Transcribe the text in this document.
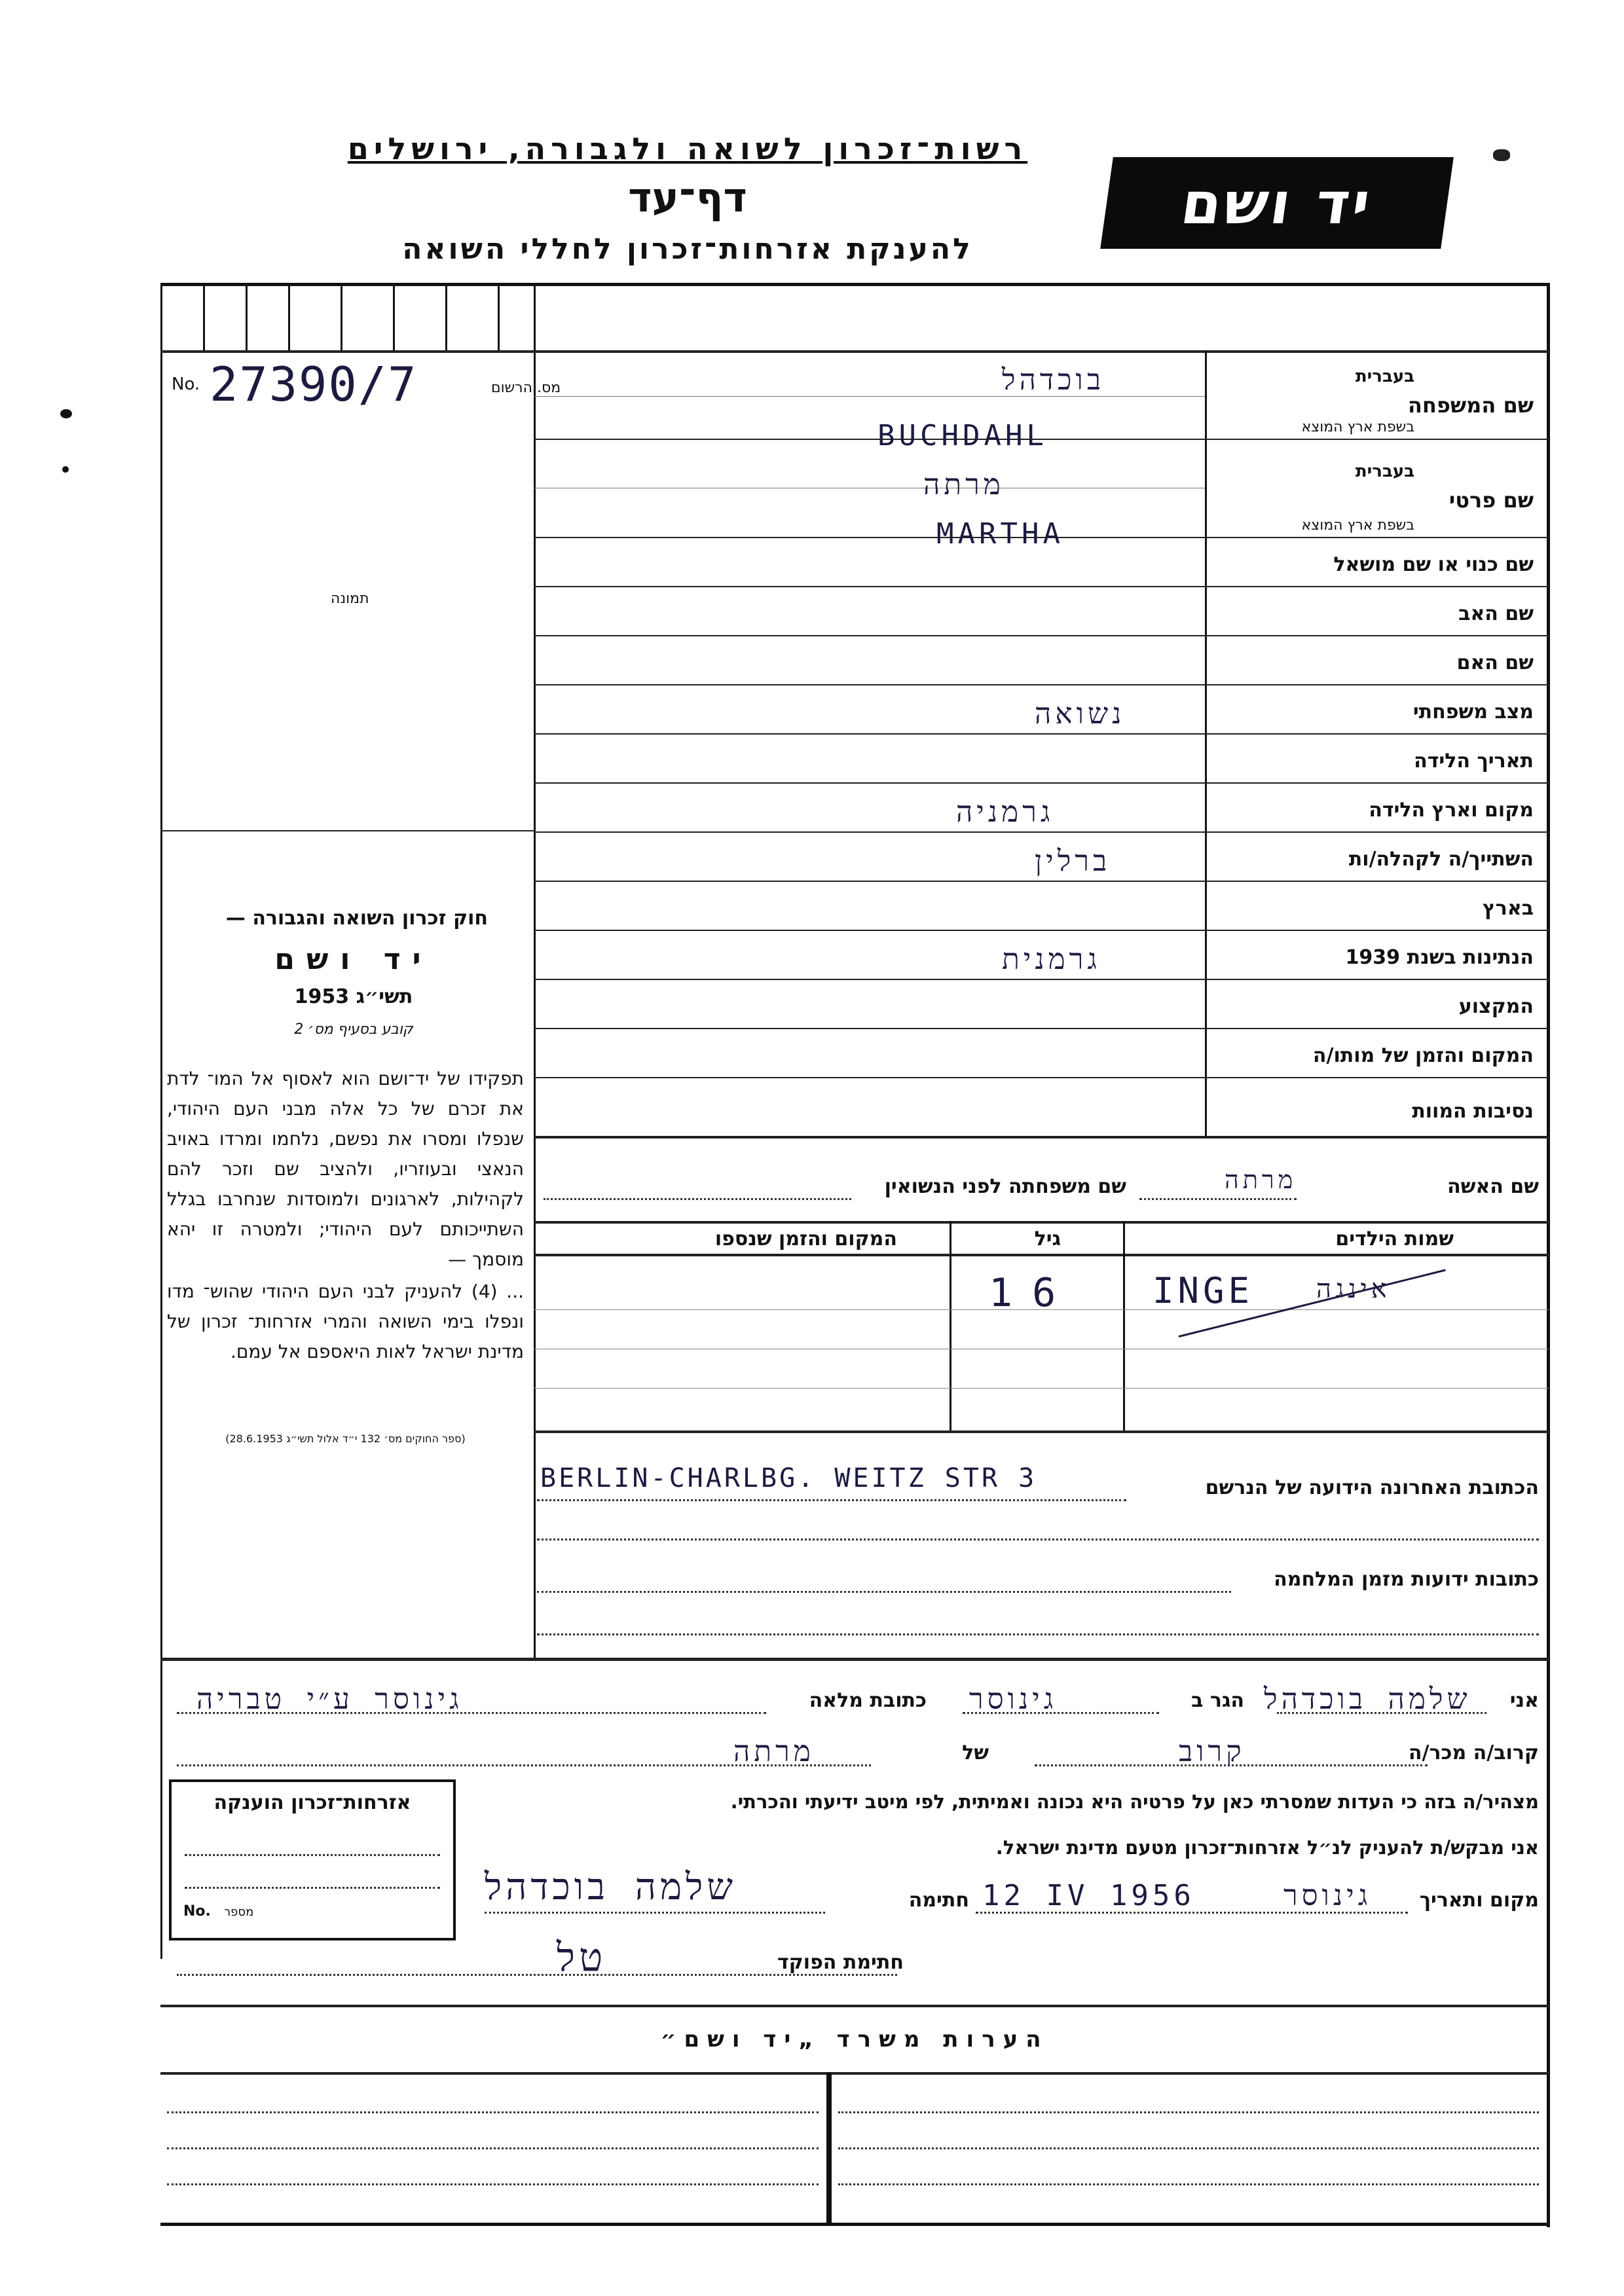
רשות־זכרון לשואה ולגבורה, ירושלים
דף־עד
להענקת אזרחות־זכרון לחללי השואה
יד ושם
No.	מס. הרשום
27390/7
תמונה
שם המשפחה
בעברית
בשפת ארץ המוצא
בוכדהל
BUCHDAHL
שם פרטי
בעברית
בשפת ארץ המוצא
מרתה
MARTHA
שם כנוי או שם מושאל
שם האב
שם האם
מצב משפחתי
נשואה
תאריך הלידה
מקום וארץ הלידה
גרמניה
השתייך/ה לקהלה/ות
ברלין
בארץ
הנתינות בשנת 1939
גרמנית
המקצוע
המקום והזמן של מותו/ה
נסיבות המוות
שם האשה
מרתה
שם משפחתה לפני הנשואין
שמות הילדים
גיל
המקום והזמן שנספו
INGE אינגה
16
חוק זכרון השואה והגבורה —
יד ושם
תשי״ג 1953
קובע בסעיף מס׳ 2
תפקידו של יד־ושם הוא לאסוף אל המו־ לדת את זכרם של כל אלה מבני העם היהודי, שנפלו ומסרו את נפשם, נלחמו ומרדו באויב הנאצי ובעוזריו, ולהציב שם וזכר להם לקהילות, לארגונים ולמוסדות שנחרבו בגלל השתייכותם לעם היהודי; ולמטרה זו יהא מוסמך —
... (4) להעניק לבני העם היהודי שהוש־ מדו ונפלו בימי השואה והמרי אזרחות־ זכרון של מדינת ישראל לאות היאספם אל עמם.
(ספר החוקים מס׳ 132 י״ד אלול תשי״ג 28.6.1953)
הכתובת האחרונה הידועה של הנרשם
BERLIN-CHARLBG. WEITZ STR 3
כתובות ידועות מזמן המלחמה
אני
שלמה בוכדהל
הגר ב
גינוסר
כתובת מלאה
גינוסר ע״י טבריה
קרוב/ה מכר/ה
קרוב
של
מרתה
מצהיר/ה בזה כי העדות שמסרתי כאן על פרטיה היא נכונה ואמיתית, לפי מיטב ידיעתי והכרתי.
אני מבקש/ת להעניק לנ״ל אזרחות־זכרון מטעם מדינת ישראל.
מקום ותאריך
גינוסר
12 IV 1956
חתימה
שלמה בוכדהל
חתימת הפוקד
טל
אזרחות־זכרון הוענקה
No. מספר
הערות משרד „יד ושם״
